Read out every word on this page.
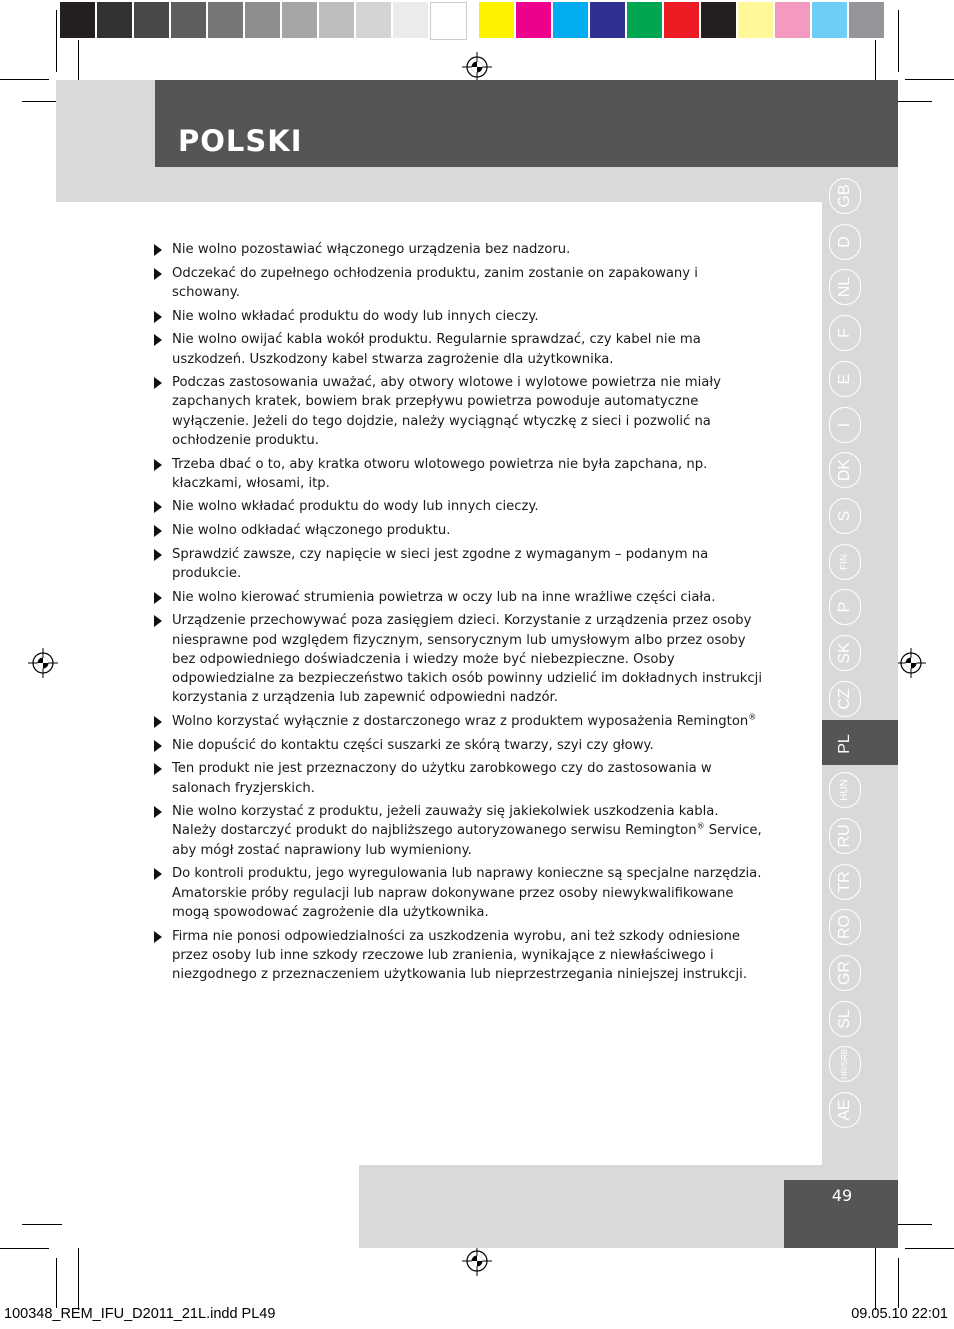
POLSKI
GB
D
NL
F
E
I
DK
S
FIN
P
SK
CZ
PL
HUN
RU
TR
RO
GR
SL
HR/SRB
AE
Nie wolno pozostawiać włączonego urządzenia bez nadzoru.
Odczekać do zupełnego ochłodzenia produktu, zanim zostanie on zapakowany i schowany.
Nie wolno wkładać produktu do wody lub innych cieczy.
Nie wolno owijać kabla wokół produktu. Regularnie sprawdzać, czy kabel nie ma uszkodzeń. Uszkodzony kabel stwarza zagrożenie dla użytkownika.
Podczas zastosowania uważać, aby otwory wlotowe i wylotowe powietrza nie miały zapchanych kratek, bowiem brak przepływu powietrza powoduje automatyczne wyłączenie. Jeżeli do tego dojdzie, należy wyciągnąć wtyczkę z sieci i pozwolić na ochłodzenie produktu.
Trzeba dbać o to, aby kratka otworu wlotowego powietrza nie była zapchana, np. kłaczkami, włosami, itp.
Nie wolno wkładać produktu do wody lub innych cieczy.
Nie wolno odkładać włączonego produktu.
Sprawdzić zawsze, czy napięcie w sieci jest zgodne z wymaganym – podanym na produkcie.
Nie wolno kierować strumienia powietrza w oczy lub na inne wrażliwe części ciała.
Urządzenie przechowywać poza zasięgiem dzieci. Korzystanie z urządzenia przez osoby niesprawne pod względem fizycznym, sensorycznym lub umysłowym albo przez osoby bez odpowiedniego doświadczenia i wiedzy może być niebezpieczne. Osoby odpowiedzialne za bezpieczeństwo takich osób powinny udzielić im dokładnych instrukcji korzystania z urządzenia lub zapewnić odpowiedni nadzór.
Wolno korzystać wyłącznie z dostarczonego wraz z produktem wyposażenia Remington®
Nie dopuścić do kontaktu części suszarki ze skórą twarzy, szyi czy głowy.
Ten produkt nie jest przeznaczony do użytku zarobkowego czy do zastosowania w salonach fryzjerskich.
Nie wolno korzystać z produktu, jeżeli zauważy się jakiekolwiek uszkodzenia kabla. Należy dostarczyć produkt do najbliższego autoryzowanego serwisu Remington® Service, aby mógł zostać naprawiony lub wymieniony.
Do kontroli produktu, jego wyregulowania lub naprawy konieczne są specjalne narzędzia. Amatorskie próby regulacji lub napraw dokonywane przez osoby niewykwalifikowane mogą spowodować zagrożenie dla użytkownika.
Firma nie ponosi odpowiedzialności za uszkodzenia wyrobu, ani też szkody odniesione przez osoby lub inne szkody rzeczowe lub zranienia, wynikające z niewłaściwego i niezgodnego z przeznaczeniem użytkowania lub nieprzestrzegania niniejszej instrukcji.
49
100348_REM_IFU_D2011_21L.indd PL49	09.05.10 22:01
